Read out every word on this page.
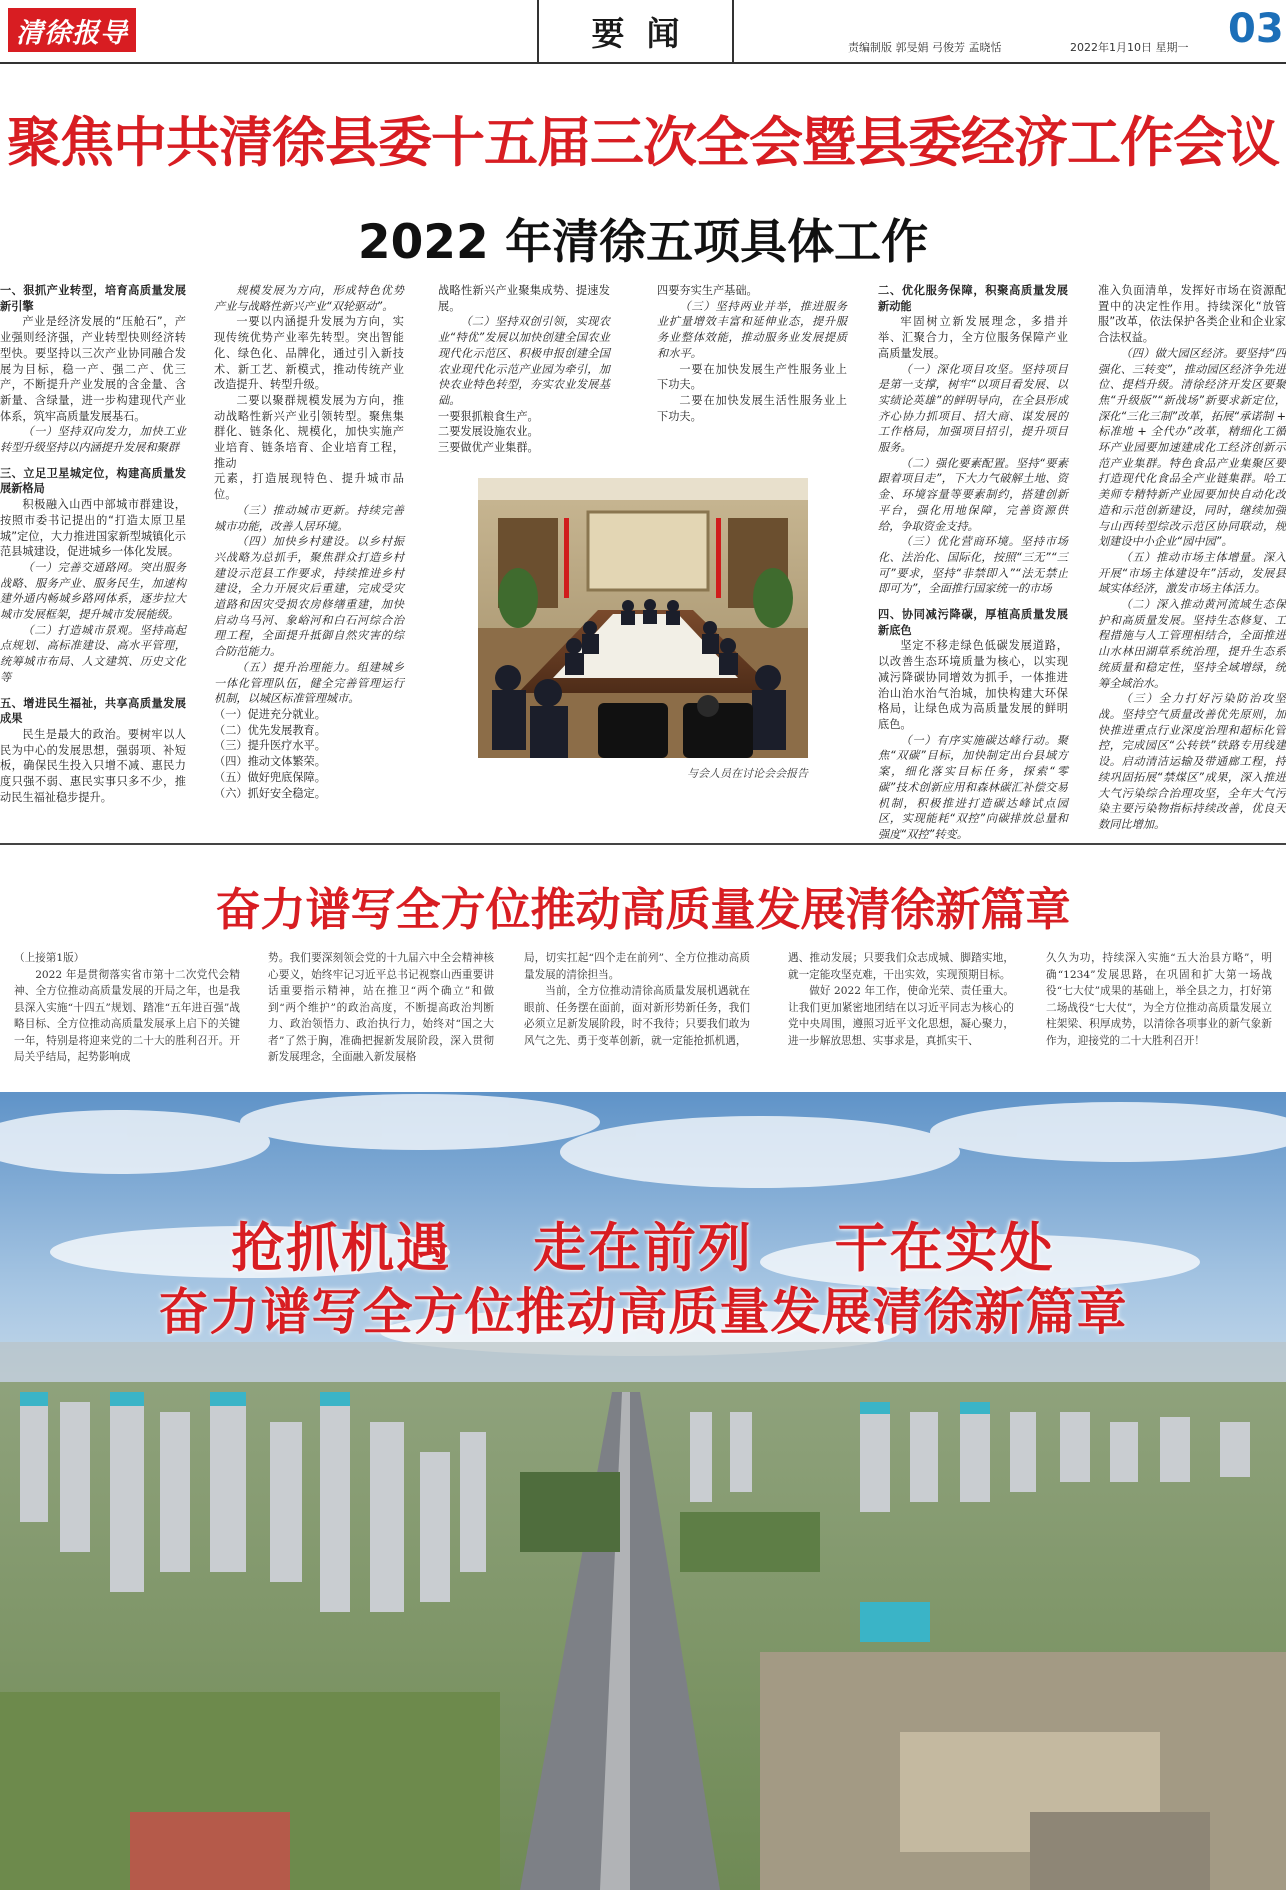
清徐报导	要闻	责编制版 郭旻娟 弓俊芳 孟晓恬	2022年1月10日 星期一 03
聚焦中共清徐县委十五届三次全会暨县委经济工作会议
2022 年清徐五项具体工作

一、狠抓产业转型，培育高质量发展新引擎

产业是经济发展的“压舱石”，产业强则经济强，产业转型快则经济转型快。要坚持以三次产业协同融合发展为目标，稳一产、强二产、优三产，不断提升产业发展的含金量、含新量、含绿量，进一步构建现代产业体系，筑牢高质量发展基石。

（一）坚持双向发力，加快工业转型升级坚持以内涵提升发展和聚群

三、立足卫星城定位，构建高质量发展新格局

积极融入山西中部城市群建设，按照市委书记提出的“打造太原卫星城”定位，大力推进国家新型城镇化示范县城建设，促进城乡一体化发展。

（一）完善交通路网。突出服务战略、服务产业、服务民生，加速构建外通内畅城乡路网体系，逐步拉大城市发展框架，提升城市发展能级。

（二）打造城市景观。坚持高起点规划、高标准建设、高水平管理，统筹城市布局、人文建筑、历史文化等

五、增进民生福祉，共享高质量发展成果

民生是最大的政治。要树牢以人民为中心的发展思想，强弱项、补短板，确保民生投入只增不减、惠民力度只强不弱、惠民实事只多不少，推动民生福祉稳步提升。

规模发展为方向，形成特色优势产业与战略性新兴产业“双轮驱动”。

一要以内涵提升发展为方向，实现传统优势产业率先转型。突出智能化、绿色化、品牌化，通过引入新技术、新工艺、新模式，推动传统产业改造提升、转型升级。

二要以聚群规模发展为方向，推动战略性新兴产业引领转型。聚焦集群化、链条化、规模化，加快实施产业培育、链条培育、企业培育工程，推动

元素，打造展现特色、提升城市品位。

（三）推动城市更新。持续完善城市功能，改善人居环境。

（四）加快乡村建设。以乡村振兴战略为总抓手，聚焦群众打造乡村建设示范县工作要求，持续推进乡村建设，全力开展灾后重建，完成受灾道路和因灾受损农房修缮重建，加快启动乌马河、象峪河和白石河综合治理工程，全面提升抵御自然灾害的综合防范能力。

（五）提升治理能力。组建城乡一体化管理队伍，健全完善管理运行机制，以城区标准管理城市。

（一）促进充分就业。

（二）优先发展教育。

（三）提升医疗水平。

（四）推动文体繁荣。

（五）做好兜底保障。

（六）抓好安全稳定。

战略性新兴产业聚集成势、提速发展。

（二）坚持双创引领，实现农业“特优”发展以加快创建全国农业现代化示范区、积极申报创建全国农业现代化示范产业园为牵引，加快农业特色转型，夯实农业发展基础。

一要狠抓粮食生产。

二要发展设施农业。

三要做优产业集群。

四要夯实生产基础。

（三）坚持两业并举，推进服务业扩量增效丰富和延伸业态，提升服务业整体效能，推动服务业发展提质和水平。

一要在加快发展生产性服务业上下功夫。

二要在加快发展生活性服务业上下功夫。

二、优化服务保障，积聚高质量发展新动能

牢固树立新发展理念，多措并举、汇聚合力，全方位服务保障产业高质量发展。

（一）深化项目攻坚。坚持项目是第一支撑，树牢“以项目看发展、以实绩论英雄”的鲜明导向，在全县形成齐心协力抓项目、招大商、谋发展的工作格局，加强项目招引，提升项目服务。

（二）强化要素配置。坚持“要素跟着项目走”，下大力气破解土地、资金、环境容量等要素制约，搭建创新平台，强化用地保障，完善资源供给，争取资金支持。

（三）优化营商环境。坚持市场化、法治化、国际化，按照“三无”“三可”要求，坚持“非禁即入”“法无禁止即可为”，全面推行国家统一的市场

四、协同减污降碳，厚植高质量发展新底色

坚定不移走绿色低碳发展道路，以改善生态环境质量为核心，以实现减污降碳协同增效为抓手，一体推进治山治水治气治城，加快构建大环保格局，让绿色成为高质量发展的鲜明底色。

（一）有序实施碳达峰行动。聚焦“双碳”目标，加快制定出台县域方案，细化落实目标任务，探索“零碳”技术创新应用和森林碳汇补偿交易机制，积极推进打造碳达峰试点园区，实现能耗“双控”向碳排放总量和强度“双控”转变。

准入负面清单，发挥好市场在资源配置中的决定性作用。持续深化“放管服”改革，依法保护各类企业和企业家合法权益。

（四）做大园区经济。要坚持“四强化、三转变”，推动园区经济争先进位、提档升级。清徐经济开发区要聚焦“升级版”“新战场”新要求新定位，深化“三化三制”改革，拓展“承诺制 + 标准地 + 全代办”改革，精细化工循环产业园要加速建成化工经济创新示范产业集群。特色食品产业集聚区要打造现代化食品全产业链集群。哈工美师专精特新产业园要加快自动化改造和示范创新建设，同时，继续加强与山西转型综改示范区协同联动，规划建设中小企业“园中园”。

（五）推动市场主体增量。深入开展“市场主体建设年”活动，发展县域实体经济，激发市场主体活力。

（二）深入推动黄河流域生态保护和高质量发展。坚持生态修复、工程措施与人工管理相结合，全面推进山水林田湖草系统治理，提升生态系统质量和稳定性，坚持全域增绿，统筹全域治水。

（三）全力打好污染防治攻坚战。坚持空气质量改善优先原则，加快推进重点行业深度治理和超标化管控，完成园区“公转铁”铁路专用线建设。启动清洁运输及带通廊工程，持续巩固拓展“禁煤区”成果，深入推进大气污染综合治理攻坚，全年大气污染主要污染物指标持续改善，优良天数同比增加。

与会人员在讨论会会报告
奋力谱写全方位推动高质量发展清徐新篇章

（上接第1版）

2022 年是贯彻落实省市第十二次党代会精神、全方位推动高质量发展的开局之年，也是我县深入实施“十四五”规划、踏准“五年进百强”战略目标、全方位推动高质量发展承上启下的关键一年，特别是将迎来党的二十大的胜利召开。开局关乎结局，起势影响成

势。我们要深刻领会党的十九届六中全会精神核心要义，始终牢记习近平总书记视察山西重要讲话重要指示精神，站在推卫“两个确立”和做到“两个维护”的政治高度，不断提高政治判断力、政治领悟力、政治执行力，始终对“国之大者”了然于胸，准确把握新发展阶段，深入贯彻新发展理念，全面融入新发展格

局，切实扛起“四个走在前列”、全方位推动高质量发展的清徐担当。

当前，全方位推动清徐高质量发展机遇就在眼前、任务摆在面前，面对新形势新任务，我们必须立足新发展阶段，时不我待；只要我们敢为风气之先、勇于变革创新，就一定能抢抓机遇，

遇、推动发展；只要我们众志成城、脚踏实地，就一定能攻坚克难，干出实效，实现预期目标。

做好 2022 年工作，使命光荣、责任重大。让我们更加紧密地团结在以习近平同志为核心的党中央周围，遵照习近平文化思想，凝心聚力，进一步解放思想、实事求是，真抓实干、

久久为功，持续深入实施“五大治县方略”，明确“1234”发展思路，在巩固和扩大第一场战役“七大仗”成果的基础上，举全县之力，打好第二场战役“七大仗”，为全方位推动高质量发展立柱架梁、积厚成势，以清徐各项事业的新气象新作为，迎接党的二十大胜利召开！

抢抓机遇    走在前列    干在实处
奋力谱写全方位推动高质量发展清徐新篇章
